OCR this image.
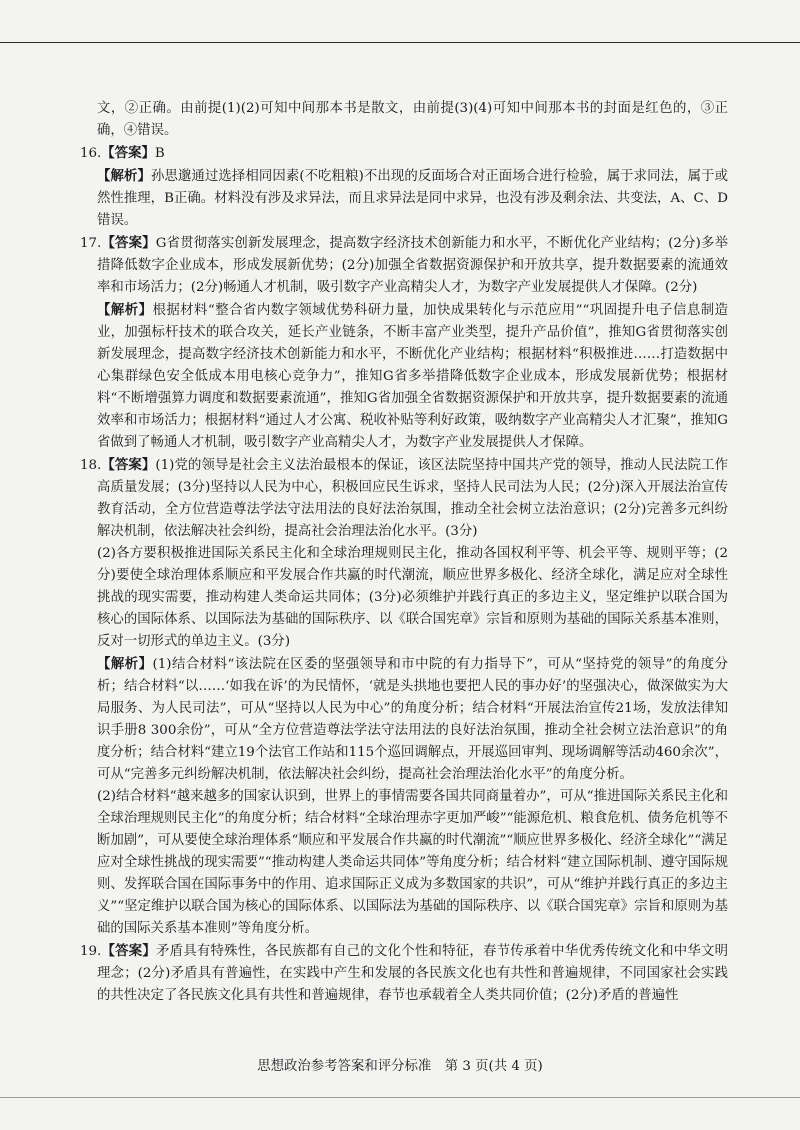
文，②正确。由前提(1)(2)可知中间那本书是散文，由前提(3)(4)可知中间那本书的封面是红色的，③正确，④错误。

16.【答案】B

【解析】孙思邈通过选择相同因素(不吃粗粮)不出现的反面场合对正面场合进行检验，属于求同法，属于或然性推理，B正确。材料没有涉及求异法，而且求异法是同中求异，也没有涉及剩余法、共变法，A、C、D错误。

17.【答案】G省贯彻落实创新发展理念，提高数字经济技术创新能力和水平，不断优化产业结构；(2分)多举措降低数字企业成本，形成发展新优势；(2分)加强全省数据资源保护和开放共享，提升数据要素的流通效率和市场活力；(2分)畅通人才机制，吸引数字产业高精尖人才，为数字产业发展提供人才保障。(2分)

【解析】根据材料“整合省内数字领域优势科研力量，加快成果转化与示范应用”“巩固提升电子信息制造业，加强标杆技术的联合攻关，延长产业链条，不断丰富产业类型，提升产品价值”，推知G省贯彻落实创新发展理念，提高数字经济技术创新能力和水平，不断优化产业结构；根据材料“积极推进……打造数据中心集群绿色安全低成本用电核心竞争力”，推知G省多举措降低数字企业成本，形成发展新优势；根据材料“不断增强算力调度和数据要素流通”，推知G省加强全省数据资源保护和开放共享，提升数据要素的流通效率和市场活力；根据材料“通过人才公寓、税收补贴等利好政策，吸纳数字产业高精尖人才汇聚”，推知G省做到了畅通人才机制，吸引数字产业高精尖人才，为数字产业发展提供人才保障。

18.【答案】(1)党的领导是社会主义法治最根本的保证，该区法院坚持中国共产党的领导，推动人民法院工作高质量发展；(3分)坚持以人民为中心，积极回应民生诉求，坚持人民司法为人民；(2分)深入开展法治宣传教育活动，全方位营造尊法学法守法用法的良好法治氛围，推动全社会树立法治意识；(2分)完善多元纠纷解决机制，依法解决社会纠纷，提高社会治理法治化水平。(3分)

(2)各方要积极推进国际关系民主化和全球治理规则民主化，推动各国权利平等、机会平等、规则平等；(2分)要使全球治理体系顺应和平发展合作共赢的时代潮流，顺应世界多极化、经济全球化，满足应对全球性挑战的现实需要，推动构建人类命运共同体；(3分)必须维护并践行真正的多边主义，坚定维护以联合国为核心的国际体系、以国际法为基础的国际秩序、以《联合国宪章》宗旨和原则为基础的国际关系基本准则，反对一切形式的单边主义。(3分)

【解析】(1)结合材料“该法院在区委的坚强领导和市中院的有力指导下”，可从“坚持党的领导”的角度分析；结合材料“以……‘如我在诉’的为民情怀，‘就是头拱地也要把人民的事办好’的坚强决心，做深做实为大局服务、为人民司法”，可从“坚持以人民为中心”的角度分析；结合材料“开展法治宣传21场，发放法律知识手册8 300余份”，可从“全方位营造尊法学法守法用法的良好法治氛围，推动全社会树立法治意识”的角度分析；结合材料“建立19个法官工作站和115个巡回调解点，开展巡回审判、现场调解等活动460余次”，可从“完善多元纠纷解决机制，依法解决社会纠纷，提高社会治理法治化水平”的角度分析。

(2)结合材料“越来越多的国家认识到，世界上的事情需要各国共同商量着办”，可从“推进国际关系民主化和全球治理规则民主化”的角度分析；结合材料“全球治理赤字更加严峻”“能源危机、粮食危机、债务危机等不断加剧”，可从要使全球治理体系“顺应和平发展合作共赢的时代潮流”“顺应世界多极化、经济全球化”“满足应对全球性挑战的现实需要”“推动构建人类命运共同体”等角度分析；结合材料“建立国际机制、遵守国际规则、发挥联合国在国际事务中的作用、追求国际正义成为多数国家的共识”，可从“维护并践行真正的多边主义”“坚定维护以联合国为核心的国际体系、以国际法为基础的国际秩序、以《联合国宪章》宗旨和原则为基础的国际关系基本准则”等角度分析。

19.【答案】矛盾具有特殊性，各民族都有自己的文化个性和特征，春节传承着中华优秀传统文化和中华文明理念；(2分)矛盾具有普遍性，在实践中产生和发展的各民族文化也有共性和普遍规律，不同国家社会实践的共性决定了各民族文化具有共性和普遍规律，春节也承载着全人类共同价值；(2分)矛盾的普遍性

思想政治参考答案和评分标准　第 3 页(共 4 页)
